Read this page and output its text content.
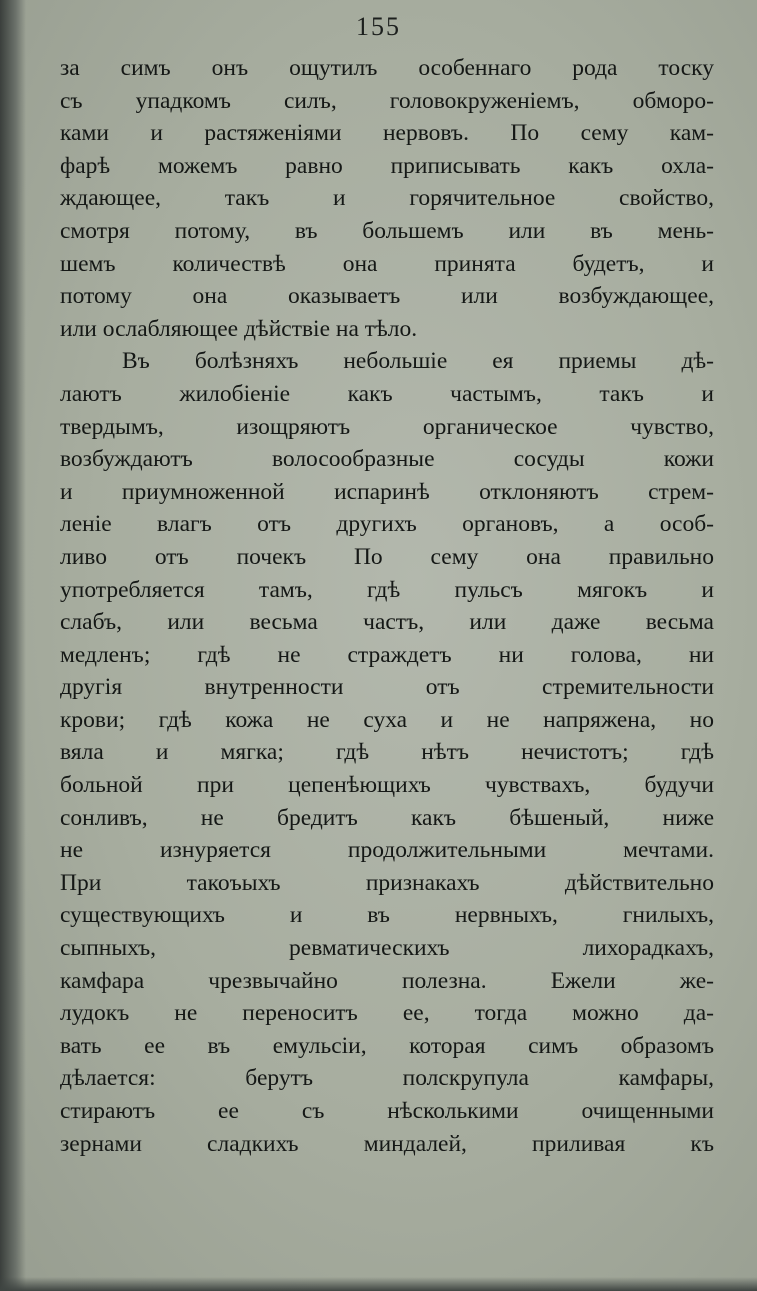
155
за симъ онъ ощутилъ особеннаго рода тоску
съ упадкомъ силъ, головокруженіемъ, обморо-
ками и растяженіями нервовъ. По сему кам-
фарѣ можемъ равно приписывать какъ охла-
ждающее, такъ и горячительное свойство,
смотря потому, въ большемъ или въ мень-
шемъ количествѣ она принята будетъ, и
потому она оказываетъ или возбуждающее,
или ослабляющее дѣйствіе на тѣло.
Въ болѣзняхъ небольшіе ея приемы дѣ-
лаютъ жилобіеніе какъ частымъ, такъ и
твердымъ, изощряютъ органическое чувство,
возбуждаютъ волосообразные сосуды кожи
и приумноженной испаринѣ отклоняютъ стрем-
леніе влагъ отъ другихъ органовъ, а особ-
ливо отъ почекъ По сему она правильно
употребляется тамъ, гдѣ пульсъ мягокъ и
слабъ, или весьма частъ, или даже весьма
медленъ; гдѣ не страждетъ ни голова, ни
другія внутренности отъ стремительности
крови; гдѣ кожа не суха и не напряжена, но
вяла и мягка; гдѣ нѣтъ нечистотъ; гдѣ
больной при цепенѣющихъ чувствахъ, будучи
сонливъ, не бредитъ какъ бѣшеный, ниже
не изнуряется продолжительными мечтами.
При такоъыхъ признакахъ дѣйствительно
существующихъ и въ нервныхъ, гнилыхъ,
сыпныхъ, ревматическихъ лихорадкахъ,
камфара чрезвычайно полезна. Ежели же-
лудокъ не переноситъ ее, тогда можно да-
вать ее въ емульсіи, которая симъ образомъ
дѣлается: берутъ полскрупула камфары,
стираютъ ее съ нѣсколькими очищенными
зернами сладкихъ миндалей, приливая къ
